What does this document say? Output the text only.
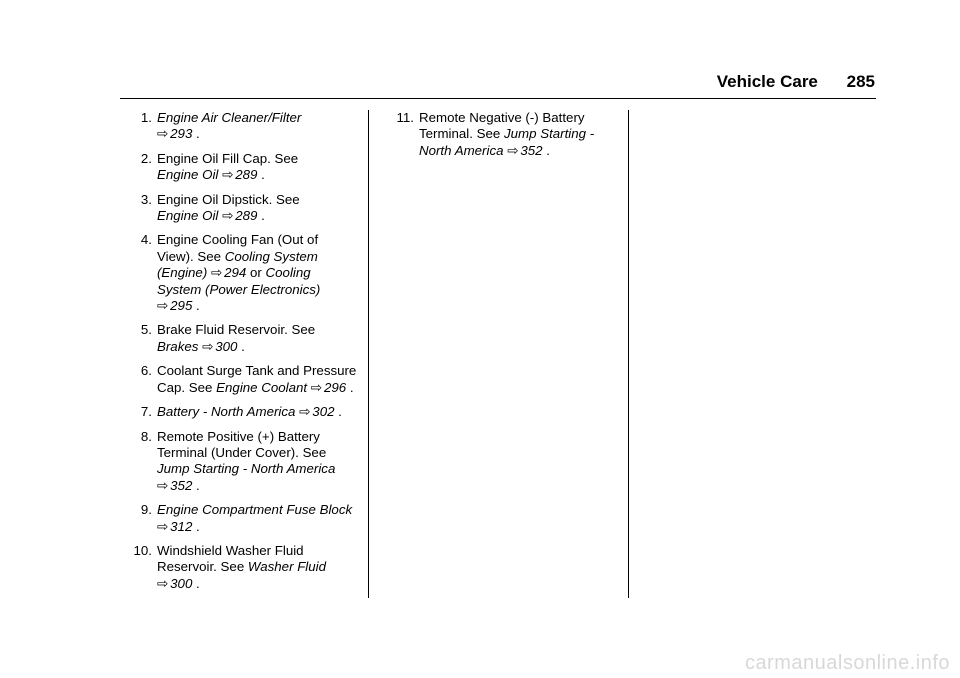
Vehicle Care 285
1. Engine Air Cleaner/Filter
⇨ 293 .
2. Engine Oil Fill Cap. See
Engine Oil ⇨ 289 .
3. Engine Oil Dipstick. See
Engine Oil ⇨ 289 .
4. Engine Cooling Fan (Out of View). See Cooling System (Engine) ⇨ 294 or Cooling System (Power Electronics)
⇨ 295 .
5. Brake Fluid Reservoir. See
Brakes ⇨ 300 .
6. Coolant Surge Tank and Pressure Cap. See Engine Coolant ⇨ 296 .
7. Battery - North America ⇨ 302 .
8. Remote Positive (+) Battery Terminal (Under Cover). See
Jump Starting - North America
⇨ 352 .
9. Engine Compartment Fuse Block ⇨ 312 .
10. Windshield Washer Fluid Reservoir. See Washer Fluid
⇨ 300 .
11. Remote Negative (-) Battery Terminal. See Jump Starting - North America ⇨ 352 .
carmanualsonline.info
